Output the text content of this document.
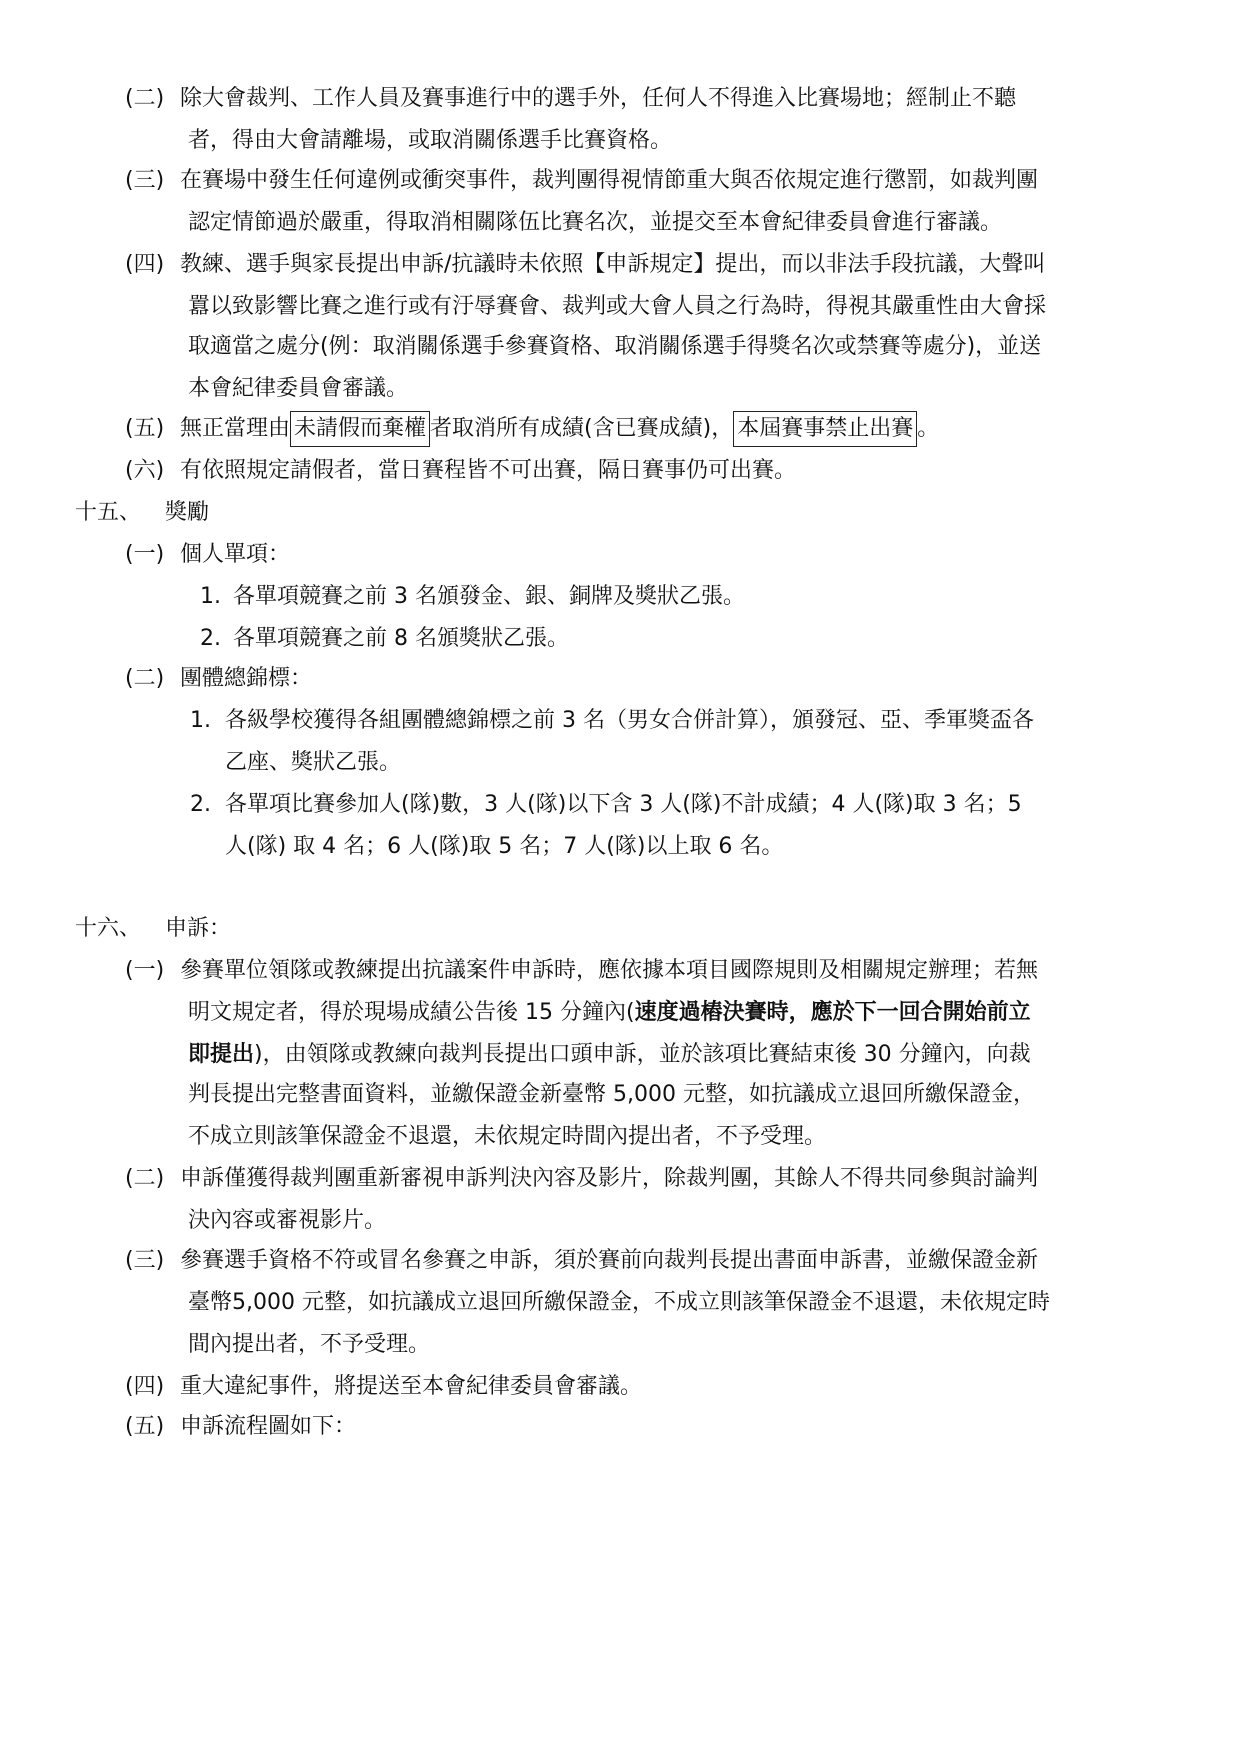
(二) 除大會裁判、工作人員及賽事進行中的選手外，任何人不得進入比賽場地；經制止不聽
者，得由大會請離場，或取消關係選手比賽資格。
(三) 在賽場中發生任何違例或衝突事件，裁判團得視情節重大與否依規定進行懲罰，如裁判團
認定情節過於嚴重，得取消相關隊伍比賽名次，並提交至本會紀律委員會進行審議。
(四) 教練、選手與家長提出申訴/抗議時未依照【申訴規定】提出，而以非法手段抗議，大聲叫
囂以致影響比賽之進行或有汙辱賽會、裁判或大會人員之行為時，得視其嚴重性由大會採
取適當之處分(例：取消關係選手參賽資格、取消關係選手得獎名次或禁賽等處分)，並送
本會紀律委員會審議。
(五) 無正當理由 未請假而棄權 者取消所有成績(含已賽成績)， 本屆賽事禁止出賽 。
(六) 有依照規定請假者，當日賽程皆不可出賽，隔日賽事仍可出賽。
十五、 獎勵
(一) 個人單項：
1. 各單項競賽之前 3 名頒發金、銀、銅牌及獎狀乙張。
2. 各單項競賽之前 8 名頒獎狀乙張。
(二) 團體總錦標：
1. 各級學校獲得各組團體總錦標之前 3 名（男女合併計算），頒發冠、亞、季軍獎盃各
乙座、獎狀乙張。
2. 各單項比賽參加人(隊)數，3 人(隊)以下含 3 人(隊)不計成績；4 人(隊)取 3 名；5
人(隊) 取 4 名；6 人(隊)取 5 名；7 人(隊)以上取 6 名。
十六、 申訴：
(一) 參賽單位領隊或教練提出抗議案件申訴時，應依據本項目國際規則及相關規定辦理；若無
明文規定者，得於現場成績公告後 15 分鐘內(速度過樁決賽時，應於下一回合開始前立
即提出)，由領隊或教練向裁判長提出口頭申訴，並於該項比賽結束後 30 分鐘內，向裁
判長提出完整書面資料，並繳保證金新臺幣 5,000 元整，如抗議成立退回所繳保證金，
不成立則該筆保證金不退還，未依規定時間內提出者，不予受理。
(二) 申訴僅獲得裁判團重新審視申訴判決內容及影片，除裁判團，其餘人不得共同參與討論判
決內容或審視影片。
(三) 參賽選手資格不符或冒名參賽之申訴，須於賽前向裁判長提出書面申訴書，並繳保證金新
臺幣5,000 元整，如抗議成立退回所繳保證金，不成立則該筆保證金不退還，未依規定時
間內提出者，不予受理。
(四) 重大違紀事件，將提送至本會紀律委員會審議。
(五) 申訴流程圖如下：
